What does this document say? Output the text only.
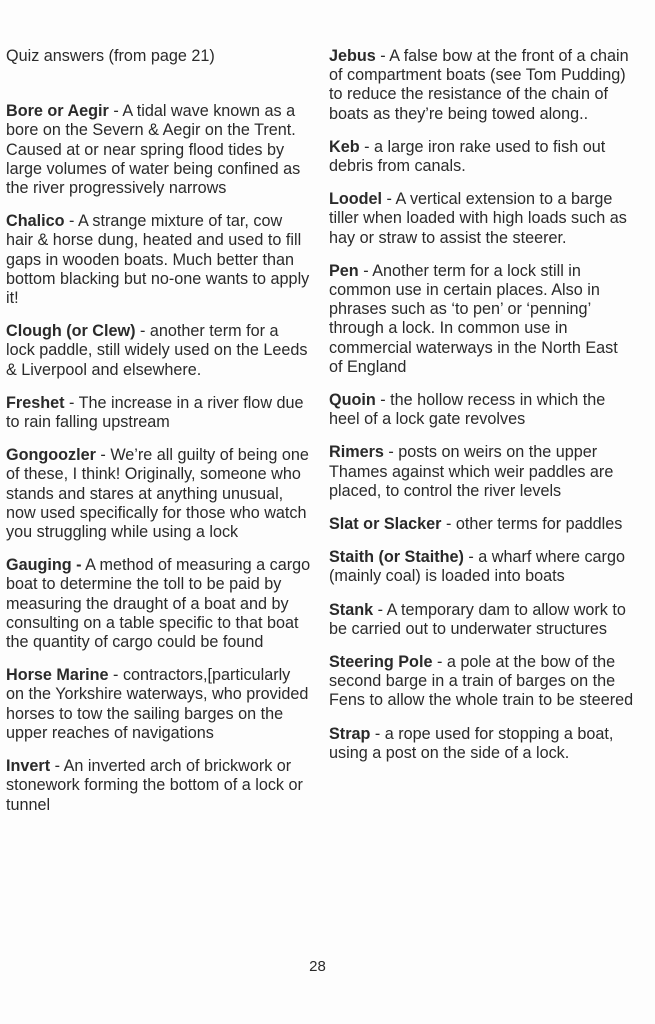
Quiz answers (from page 21)

Bore or Aegir - A tidal wave known as a bore on the Severn & Aegir on the Trent. Caused at or near spring flood tides by large volumes of water being confined as the river progressively narrows

Chalico - A strange mixture of tar, cow hair & horse dung, heated and used to fill gaps in wooden boats. Much better than bottom blacking but no-one wants to apply it!

Clough (or Clew) - another term for a lock paddle, still widely used on the Leeds & Liverpool and elsewhere.

Freshet - The increase in a river flow due to rain falling upstream

Gongoozler - We’re all guilty of being one of these, I think! Originally, someone who stands and stares at anything unusual, now used specifically for those who watch you struggling while using a lock

Gauging - A method of measuring a cargo boat to determine the toll to be paid by measuring the draught of a boat and by consulting on a table specific to that boat the quantity of cargo could be found

Horse Marine - contractors,[particularly on the Yorkshire waterways, who provided horses to tow the sailing barges on the upper reaches of navigations

Invert - An inverted arch of brickwork or stonework forming the bottom of a lock or tunnel

Jebus - A false bow at the front of a chain of compartment boats (see Tom Pudding) to reduce the resistance of the chain of boats as they’re being towed along..

Keb - a large iron rake used to fish out debris from canals.

Loodel - A vertical extension to a barge tiller when loaded with high loads such as hay or straw to assist the steerer.

Pen - Another term for a lock still in common use in certain places. Also in phrases such as ‘to pen’ or ‘penning’ through a lock. In common use in commercial waterways in the North East of England

Quoin - the hollow recess in which the heel of a lock gate revolves

Rimers - posts on weirs on the upper Thames against which weir paddles are placed, to control the river levels

Slat or Slacker - other terms for paddles

Staith (or Staithe) - a wharf where cargo (mainly coal) is loaded into boats

Stank - A temporary dam to allow work to be carried out to underwater structures

Steering Pole - a pole at the bow of the second barge in a train of barges on the Fens to allow the whole train to be steered

Strap - a rope used for stopping a boat, using a post on the side of a lock.

28
